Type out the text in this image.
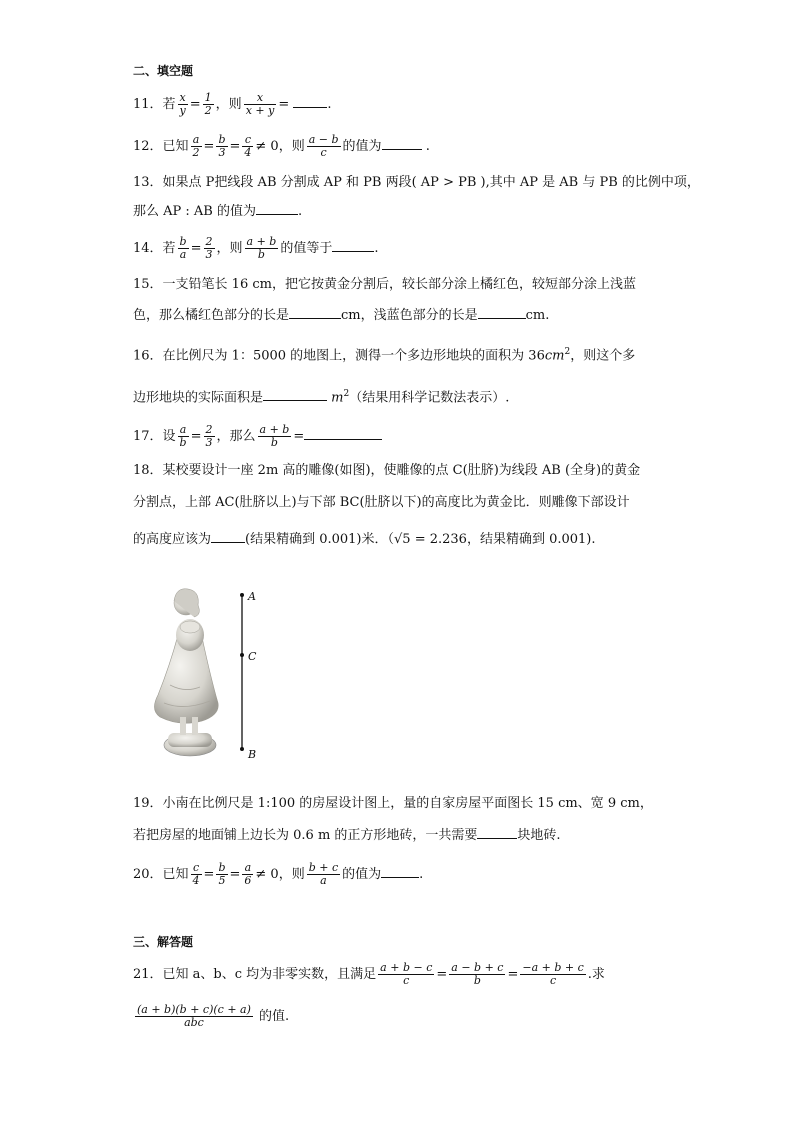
二、填空题
11．若 $\frac{x}{y} = \frac{1}{2}$ ，则 $\frac{x}{x + y}$ =	.
12．已知 $\frac{a}{2} = \frac{b}{3} = \frac{c}{4} \ne 0$，则 $\frac{a - b}{c}$ 的值为	.
13．如果点 P把线段 AB 分割成 AP 和 PB 两段( AP > PB ),其中 AP 是 AB 与 PB 的比例中项，
那么 AP : AB 的值为	.
14．若 $\frac{b}{a} = \frac{2}{3}$ ，则 $\frac{a + b}{b}$ 的值等于	.
15．一支铅笔长 16 cm，把它按黄金分割后，较长部分涂上橘红色，较短部分涂上浅蓝
色，那么橘红色部分的长是	cm，浅蓝色部分的长是	cm.
16．在比例尺为 1：5000 的地图上，测得一个多边形地块的面积为 $36cm^2$，则这个多
边形地块的实际面积是	$m^2$（结果用科学记数法表示）.
17．设 $\frac{a}{b} = \frac{2}{3}$ ，那么 $\frac{a + b}{b}$ =
18．某校要设计一座 2m 高的雕像(如图)，使雕像的点 C(肚脐)为线段 AB (全身)的黄金
分割点，上部 AC(肚脐以上)与下部 BC(肚脐以下)的高度比为黄金比．则雕像下部设计
的高度应该为	(结果精确到 0.001)米．（√5 = 2.236，结果精确到 0.001).
A
C
B
19．小南在比例尺是 1:100 的房屋设计图上，量的自家房屋平面图长 15 cm、宽 9 cm，
若把房屋的地面铺上边长为 0.6 m 的正方形地砖，一共需要	块地砖.
20．已知 $\frac{c}{4} = \frac{b}{5} = \frac{a}{6} \ne 0$，则 $\frac{b + c}{a}$ 的值为	.
三、解答题
21．已知 a、b、c 均为非零实数，且满足 $\frac{a + b - c}{c} = \frac{a - b + c}{b} = \frac{-a + b + c}{c}$ .求
$\frac{(a + b)(b + c)(c + a)}{\text{abc}}$ 的值.
